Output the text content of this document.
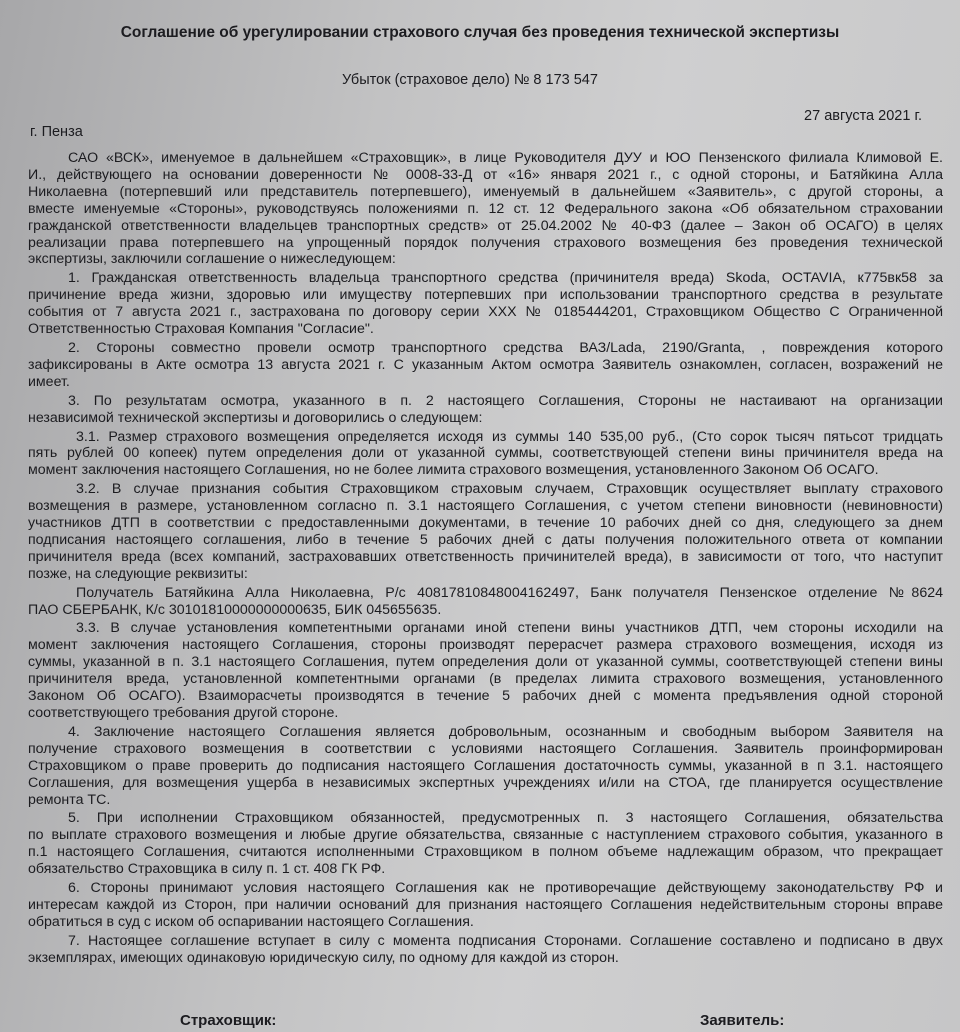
Соглашение об урегулировании страхового случая без проведения технической экспертизы
Убыток (страховое дело) № 8 173 547
27 августа 2021 г.
г. Пенза
САО «ВСК», именуемое в дальнейшем «Страховщик», в лице Руководителя ДУУ и ЮО Пензенского филиала Климовой Е.
И., действующего на основании доверенности № 0008-33-Д от «16» января 2021 г., с одной стороны, и Батяйкина Алла
Николаевна (потерпевший или представитель потерпевшего), именуемый в дальнейшем «Заявитель», с другой стороны, а
вместе именуемые «Стороны», руководствуясь положениями п. 12 ст. 12 Федерального закона «Об обязательном страховании
гражданской ответственности владельцев транспортных средств» от 25.04.2002 № 40-ФЗ (далее – Закон об ОСАГО) в целях
реализации права потерпевшего на упрощенный порядок получения страхового возмещения без проведения технической
экспертизы, заключили соглашение о нижеследующем:
1. Гражданская ответственность владельца транспортного средства (причинителя вреда) Skoda, OCTAVIA, к775вк58 за
причинение вреда жизни, здоровью или имуществу потерпевших при использовании транспортного средства в результате
события от 7 августа 2021 г., застрахована по договору серии ХХХ № 0185444201, Страховщиком Общество С Ограниченной
Ответственностью Страховая Компания "Согласие".
2. Стороны совместно провели осмотр транспортного средства ВАЗ/Lada, 2190/Granta, , повреждения которого
зафиксированы в Акте осмотра 13 августа 2021 г. С указанным Актом осмотра Заявитель ознакомлен, согласен, возражений не
имеет.
3. По результатам осмотра, указанного в п. 2 настоящего Соглашения, Стороны не настаивают на организации
независимой технической экспертизы и договорились о следующем:
3.1. Размер страхового возмещения определяется исходя из суммы 140 535,00 руб., (Сто сорок тысяч пятьсот тридцать
пять рублей 00 копеек) путем определения доли от указанной суммы, соответствующей степени вины причинителя вреда на
момент заключения настоящего Соглашения, но не более лимита страхового возмещения, установленного Законом Об ОСАГО.
3.2. В случае признания события Страховщиком страховым случаем, Страховщик осуществляет выплату страхового
возмещения в размере, установленном согласно п. 3.1 настоящего Соглашения, с учетом степени виновности (невиновности)
участников ДТП в соответствии с предоставленными документами, в течение 10 рабочих дней со дня, следующего за днем
подписания настоящего соглашения, либо в течение 5 рабочих дней с даты получения положительного ответа от компании
причинителя вреда (всех компаний, застраховавших ответственность причинителей вреда), в зависимости от того, что наступит
позже, на следующие реквизиты:
Получатель Батяйкина Алла Николаевна, Р/с 40817810848004162497, Банк получателя Пензенское отделение №8624
ПАО СБЕРБАНК, К/с 30101810000000000635, БИК 045655635.
3.3. В случае установления компетентными органами иной степени вины участников ДТП, чем стороны исходили на
момент заключения настоящего Соглашения, стороны производят перерасчет размера страхового возмещения, исходя из
суммы, указанной в п. 3.1 настоящего Соглашения, путем определения доли от указанной суммы, соответствующей степени вины
причинителя вреда, установленной компетентными органами (в пределах лимита страхового возмещения, установленного
Законом Об ОСАГО). Взаиморасчеты производятся в течение 5 рабочих дней с момента предъявления одной стороной
соответствующего требования другой стороне.
4. Заключение настоящего Соглашения является добровольным, осознанным и свободным выбором Заявителя на
получение страхового возмещения в соответствии с условиями настоящего Соглашения. Заявитель проинформирован
Страховщиком о праве проверить до подписания настоящего Соглашения достаточность суммы, указанной в п 3.1. настоящего
Соглашения, для возмещения ущерба в независимых экспертных учреждениях и/или на СТОА, где планируется осуществление
ремонта ТС.
5. При исполнении Страховщиком обязанностей, предусмотренных п. 3 настоящего Соглашения, обязательства
по выплате страхового возмещения и любые другие обязательства, связанные с наступлением страхового события, указанного в
п.1 настоящего Соглашения, считаются исполненными Страховщиком в полном объеме надлежащим образом, что прекращает
обязательство Страховщика в силу п. 1 ст. 408 ГК РФ.
6. Стороны принимают условия настоящего Соглашения как не противоречащие действующему законодательству РФ и
интересам каждой из Сторон, при наличии оснований для признания настоящего Соглашения недействительным стороны вправе
обратиться в суд с иском об оспаривании настоящего Соглашения.
7. Настоящее соглашение вступает в силу с момента подписания Сторонами. Соглашение составлено и подписано в двух
экземплярах, имеющих одинаковую юридическую силу, по одному для каждой из сторон.
Страховщик:	Заявитель:
